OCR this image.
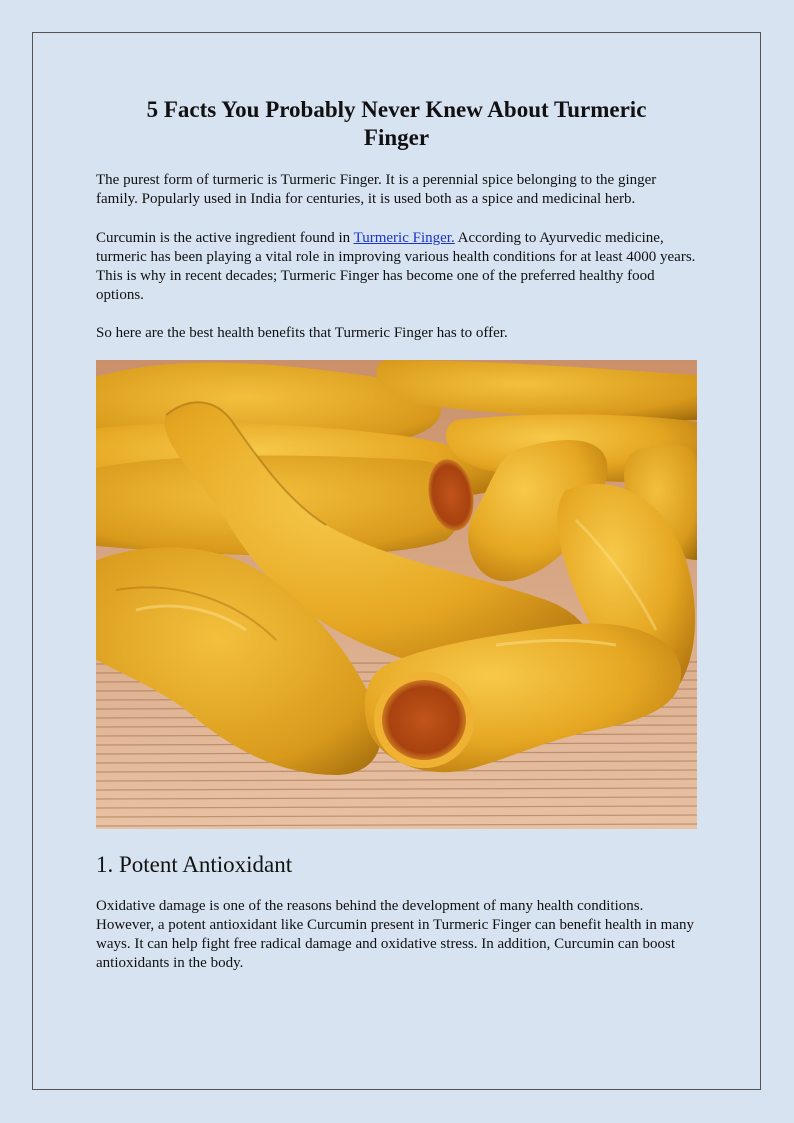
5 Facts You Probably Never Knew About Turmeric Finger

The purest form of turmeric is Turmeric Finger. It is a perennial spice belonging to the ginger family. Popularly used in India for centuries, it is used both as a spice and medicinal herb.

Curcumin is the active ingredient found in Turmeric Finger. According to Ayurvedic medicine, turmeric has been playing a vital role in improving various health conditions for at least 4000 years. This is why in recent decades; Turmeric Finger has become one of the preferred healthy food options.

So here are the best health benefits that Turmeric Finger has to offer.

1. Potent Antioxidant

Oxidative damage is one of the reasons behind the development of many health conditions. However, a potent antioxidant like Curcumin present in Turmeric Finger can benefit health in many ways. It can help fight free radical damage and oxidative stress. In addition, Curcumin can boost antioxidants in the body.
